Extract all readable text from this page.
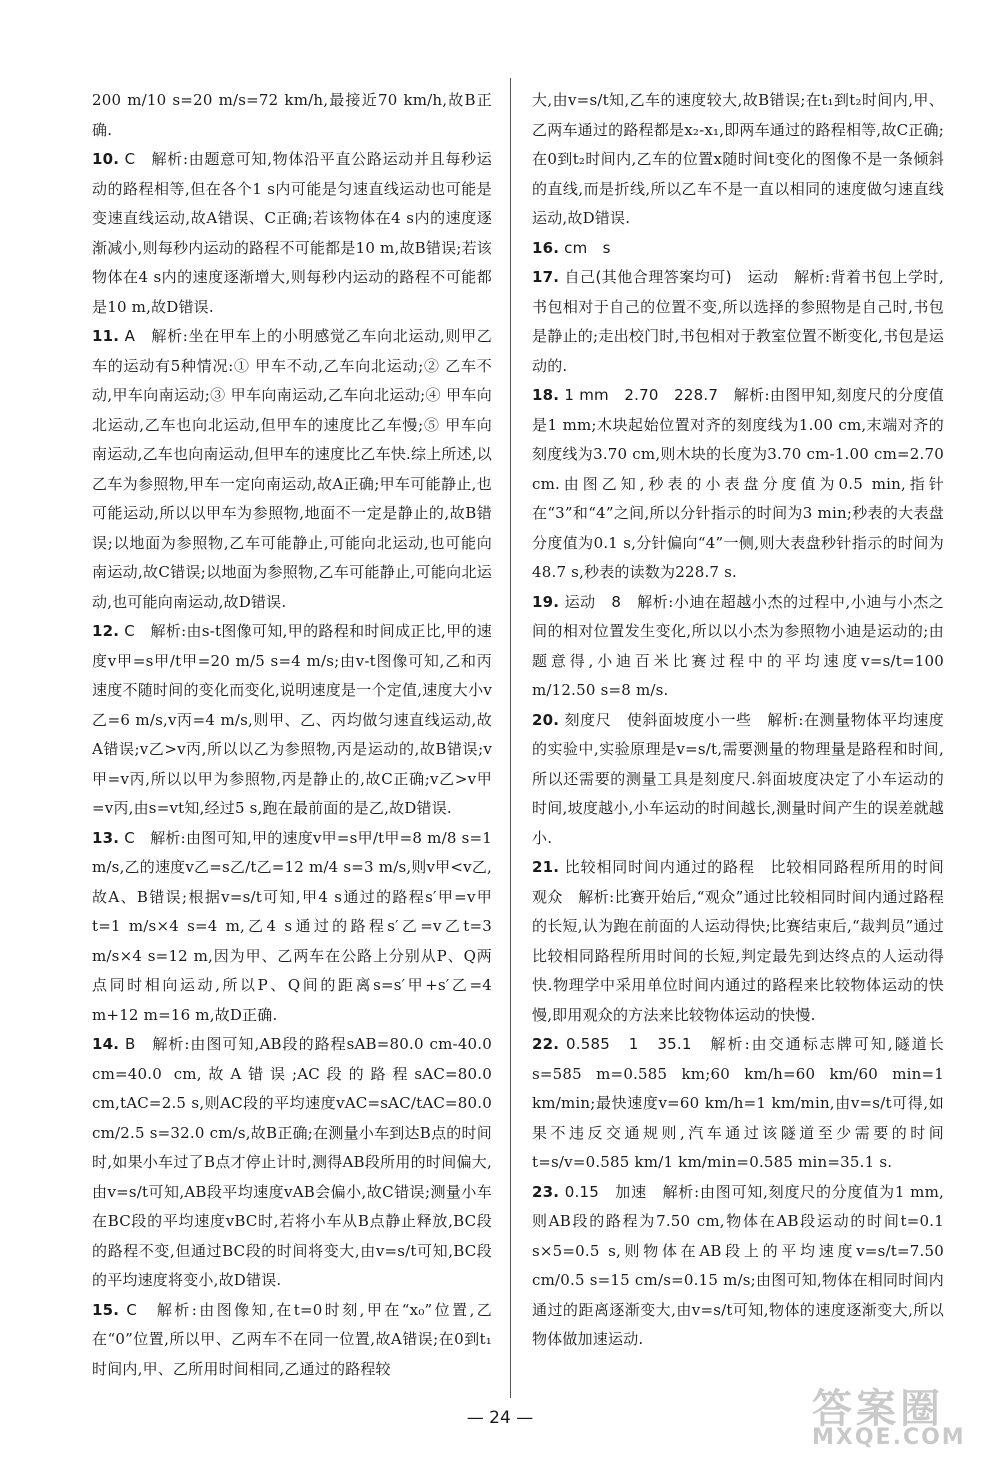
200 m/10 s=20 m/s=72 km/h,最接近70 km/h,故B正确.
10. C　 解析:由题意可知,物体沿平直公路运动并且每秒运动的路程相等,但在各个1 s内可能是匀速直线运动也可能是变速直线运动,故A错误、C正确;若该物体在4 s内的速度逐渐减小,则每秒内运动的路程不可能都是10 m,故B错误;若该物体在4 s内的速度逐渐增大,则每秒内运动的路程不可能都是10 m,故D错误.
11. A　 解析:坐在甲车上的小明感觉乙车向北运动,则甲乙车的运动有5种情况:① 甲车不动,乙车向北运动;② 乙车不动,甲车向南运动;③ 甲车向南运动,乙车向北运动;④ 甲车向北运动,乙车也向北运动,但甲车的速度比乙车慢;⑤ 甲车向南运动,乙车也向南运动,但甲车的速度比乙车快.综上所述,以乙车为参照物,甲车一定向南运动,故A正确;甲车可能静止,也可能运动,所以以甲车为参照物,地面不一定是静止的,故B错误;以地面为参照物,乙车可能静止,可能向北运动,也可能向南运动,故C错误;以地面为参照物,乙车可能静止,可能向北运动,也可能向南运动,故D错误.
12. C　 解析:由s-t图像可知,甲的路程和时间成正比,甲的速度v甲=s甲/t甲=20 m/5 s=4 m/s;由v-t图像可知,乙和丙速度不随时间的变化而变化,说明速度是一个定值,速度大小v乙=6 m/s,v丙=4 m/s,则甲、乙、丙均做匀速直线运动,故A错误;v乙>v丙,所以以乙为参照物,丙是运动的,故B错误;v甲=v丙,所以以甲为参照物,丙是静止的,故C正确;v乙>v甲=v丙,由s=vt知,经过5 s,跑在最前面的是乙,故D错误.
13. C　 解析:由图可知,甲的速度v甲=s甲/t甲=8 m/8 s=1 m/s,乙的速度v乙=s乙/t乙=12 m/4 s=3 m/s,则v甲<v乙,故A、B错误;根据v=s/t可知,甲4 s通过的路程s′甲=v甲t=1 m/s×4 s=4 m,乙4 s通过的路程s′乙=v乙t=3 m/s×4 s=12 m,因为甲、乙两车在公路上分别从P、Q两点同时相向运动,所以P、Q间的距离s=s′甲+s′乙=4 m+12 m=16 m,故D正确.
14. B　 解析:由图可知,AB段的路程sAB=80.0 cm-40.0 cm=40.0 cm,故A错误;AC段的路程sAC=80.0 cm,tAC=2.5 s,则AC段的平均速度vAC=sAC/tAC=80.0 cm/2.5 s=32.0 cm/s,故B正确;在测量小车到达B点的时间时,如果小车过了B点才停止计时,测得AB段所用的时间偏大,由v=s/t可知,AB段平均速度vAB会偏小,故C错误;测量小车在BC段的平均速度vBC时,若将小车从B点静止释放,BC段的路程不变,但通过BC段的时间将变大,由v=s/t可知,BC段的平均速度将变小,故D错误.
15. C　 解析:由图像知,在t=0时刻,甲在“x₀”位置,乙在“0”位置,所以甲、乙两车不在同一位置,故A错误;在0到t₁时间内,甲、乙所用时间相同,乙通过的路程较
大,由v=s/t知,乙车的速度较大,故B错误;在t₁到t₂时间内,甲、乙两车通过的路程都是x₂-x₁,即两车通过的路程相等,故C正确;在0到t₂时间内,乙车的位置x随时间t变化的图像不是一条倾斜的直线,而是折线,所以乙车不是一直以相同的速度做匀速直线运动,故D错误.
16. cm　s　
17. 自己(其他合理答案均可)　运动　 解析:背着书包上学时,书包相对于自己的位置不变,所以选择的参照物是自己时,书包是静止的;走出校门时,书包相对于教室位置不断变化,书包是运动的.
18. 1 mm　2.70　228.7　 解析:由图甲知,刻度尺的分度值是1 mm;木块起始位置对齐的刻度线为1.00 cm,末端对齐的刻度线为3.70 cm,则木块的长度为3.70 cm-1.00 cm=2.70 cm.由图乙知,秒表的小表盘分度值为0.5 min,指针在“3”和“4”之间,所以分针指示的时间为3 min;秒表的大表盘分度值为0.1 s,分针偏向“4”一侧,则大表盘秒针指示的时间为48.7 s,秒表的读数为228.7 s.
19. 运动　8　 解析:小迪在超越小杰的过程中,小迪与小杰之间的相对位置发生变化,所以以小杰为参照物小迪是运动的;由题意得,小迪百米比赛过程中的平均速度v=s/t=100 m/12.50 s=8 m/s.
20. 刻度尺　使斜面坡度小一些　 解析:在测量物体平均速度的实验中,实验原理是v=s/t,需要测量的物理量是路程和时间,所以还需要的测量工具是刻度尺.斜面坡度决定了小车运动的时间,坡度越小,小车运动的时间越长,测量时间产生的误差就越小.
21. 比较相同时间内通过的路程　比较相同路程所用的时间　观众　 解析:比赛开始后,“观众”通过比较相同时间内通过路程的长短,认为跑在前面的人运动得快;比赛结束后,“裁判员”通过比较相同路程所用时间的长短,判定最先到达终点的人运动得快.物理学中采用单位时间内通过的路程来比较物体运动的快慢,即用观众的方法来比较物体运动的快慢.
22. 0.585　1　35.1　 解析:由交通标志牌可知,隧道长s=585 m=0.585 km;60 km/h=60 km/60 min=1 km/min;最快速度v=60 km/h=1 km/min,由v=s/t可得,如果不违反交通规则,汽车通过该隧道至少需要的时间t=s/v=0.585 km/1 km/min=0.585 min=35.1 s.
23. 0.15　加速　 解析:由图可知,刻度尺的分度值为1 mm,则AB段的路程为7.50 cm,物体在AB段运动的时间t=0.1 s×5=0.5 s,则物体在AB段上的平均速度v=s/t=7.50 cm/0.5 s=15 cm/s=0.15 m/s;由图可知,物体在相同时间内通过的距离逐渐变大,由v=s/t可知,物体的速度逐渐变大,所以物体做加速运动.
— 24 —	答案圈
MXQE.COM
